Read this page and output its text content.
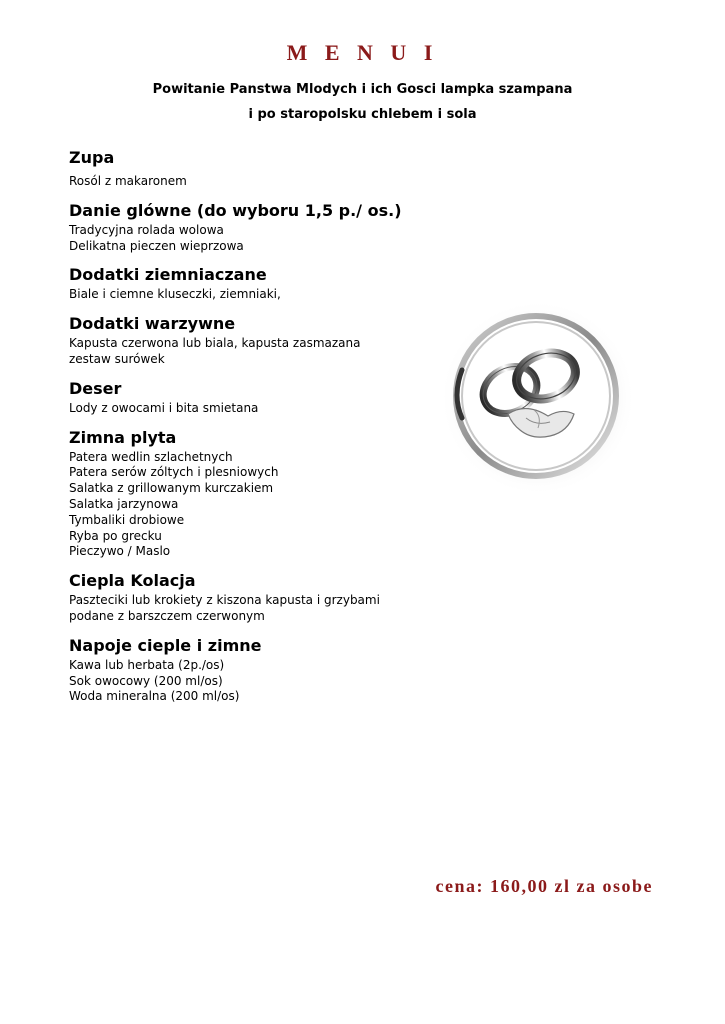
M E N U I
Powitanie Panstwa Mlodych i ich Gosci lampka szampana
i po staropolsku chlebem i sola
Zupa
Rosól z makaronem
Danie glówne (do wyboru 1,5 p./ os.)
Tradycyjna rolada wolowa
Delikatna pieczen wieprzowa
Dodatki ziemniaczane
Biale i ciemne kluseczki, ziemniaki,
Dodatki warzywne
Kapusta czerwona lub biala, kapusta zasmazana
zestaw surówek
Deser
Lody z owocami i bita smietana
Zimna plyta
Patera wedlin szlachetnych
Patera serów zóltych i plesniowych
Salatka z grillowanym kurczakiem
Salatka jarzynowa
Tymbaliki drobiowe
Ryba po grecku
Pieczywo / Maslo
Ciepla Kolacja
Paszteciki lub krokiety z kiszona kapusta i grzybami
podane z barszczem czerwonym
Napoje cieple i zimne
Kawa lub herbata (2p./os)
Sok owocowy (200 ml/os)
Woda mineralna (200 ml/os)
cena: 160,00 zl za osobe
